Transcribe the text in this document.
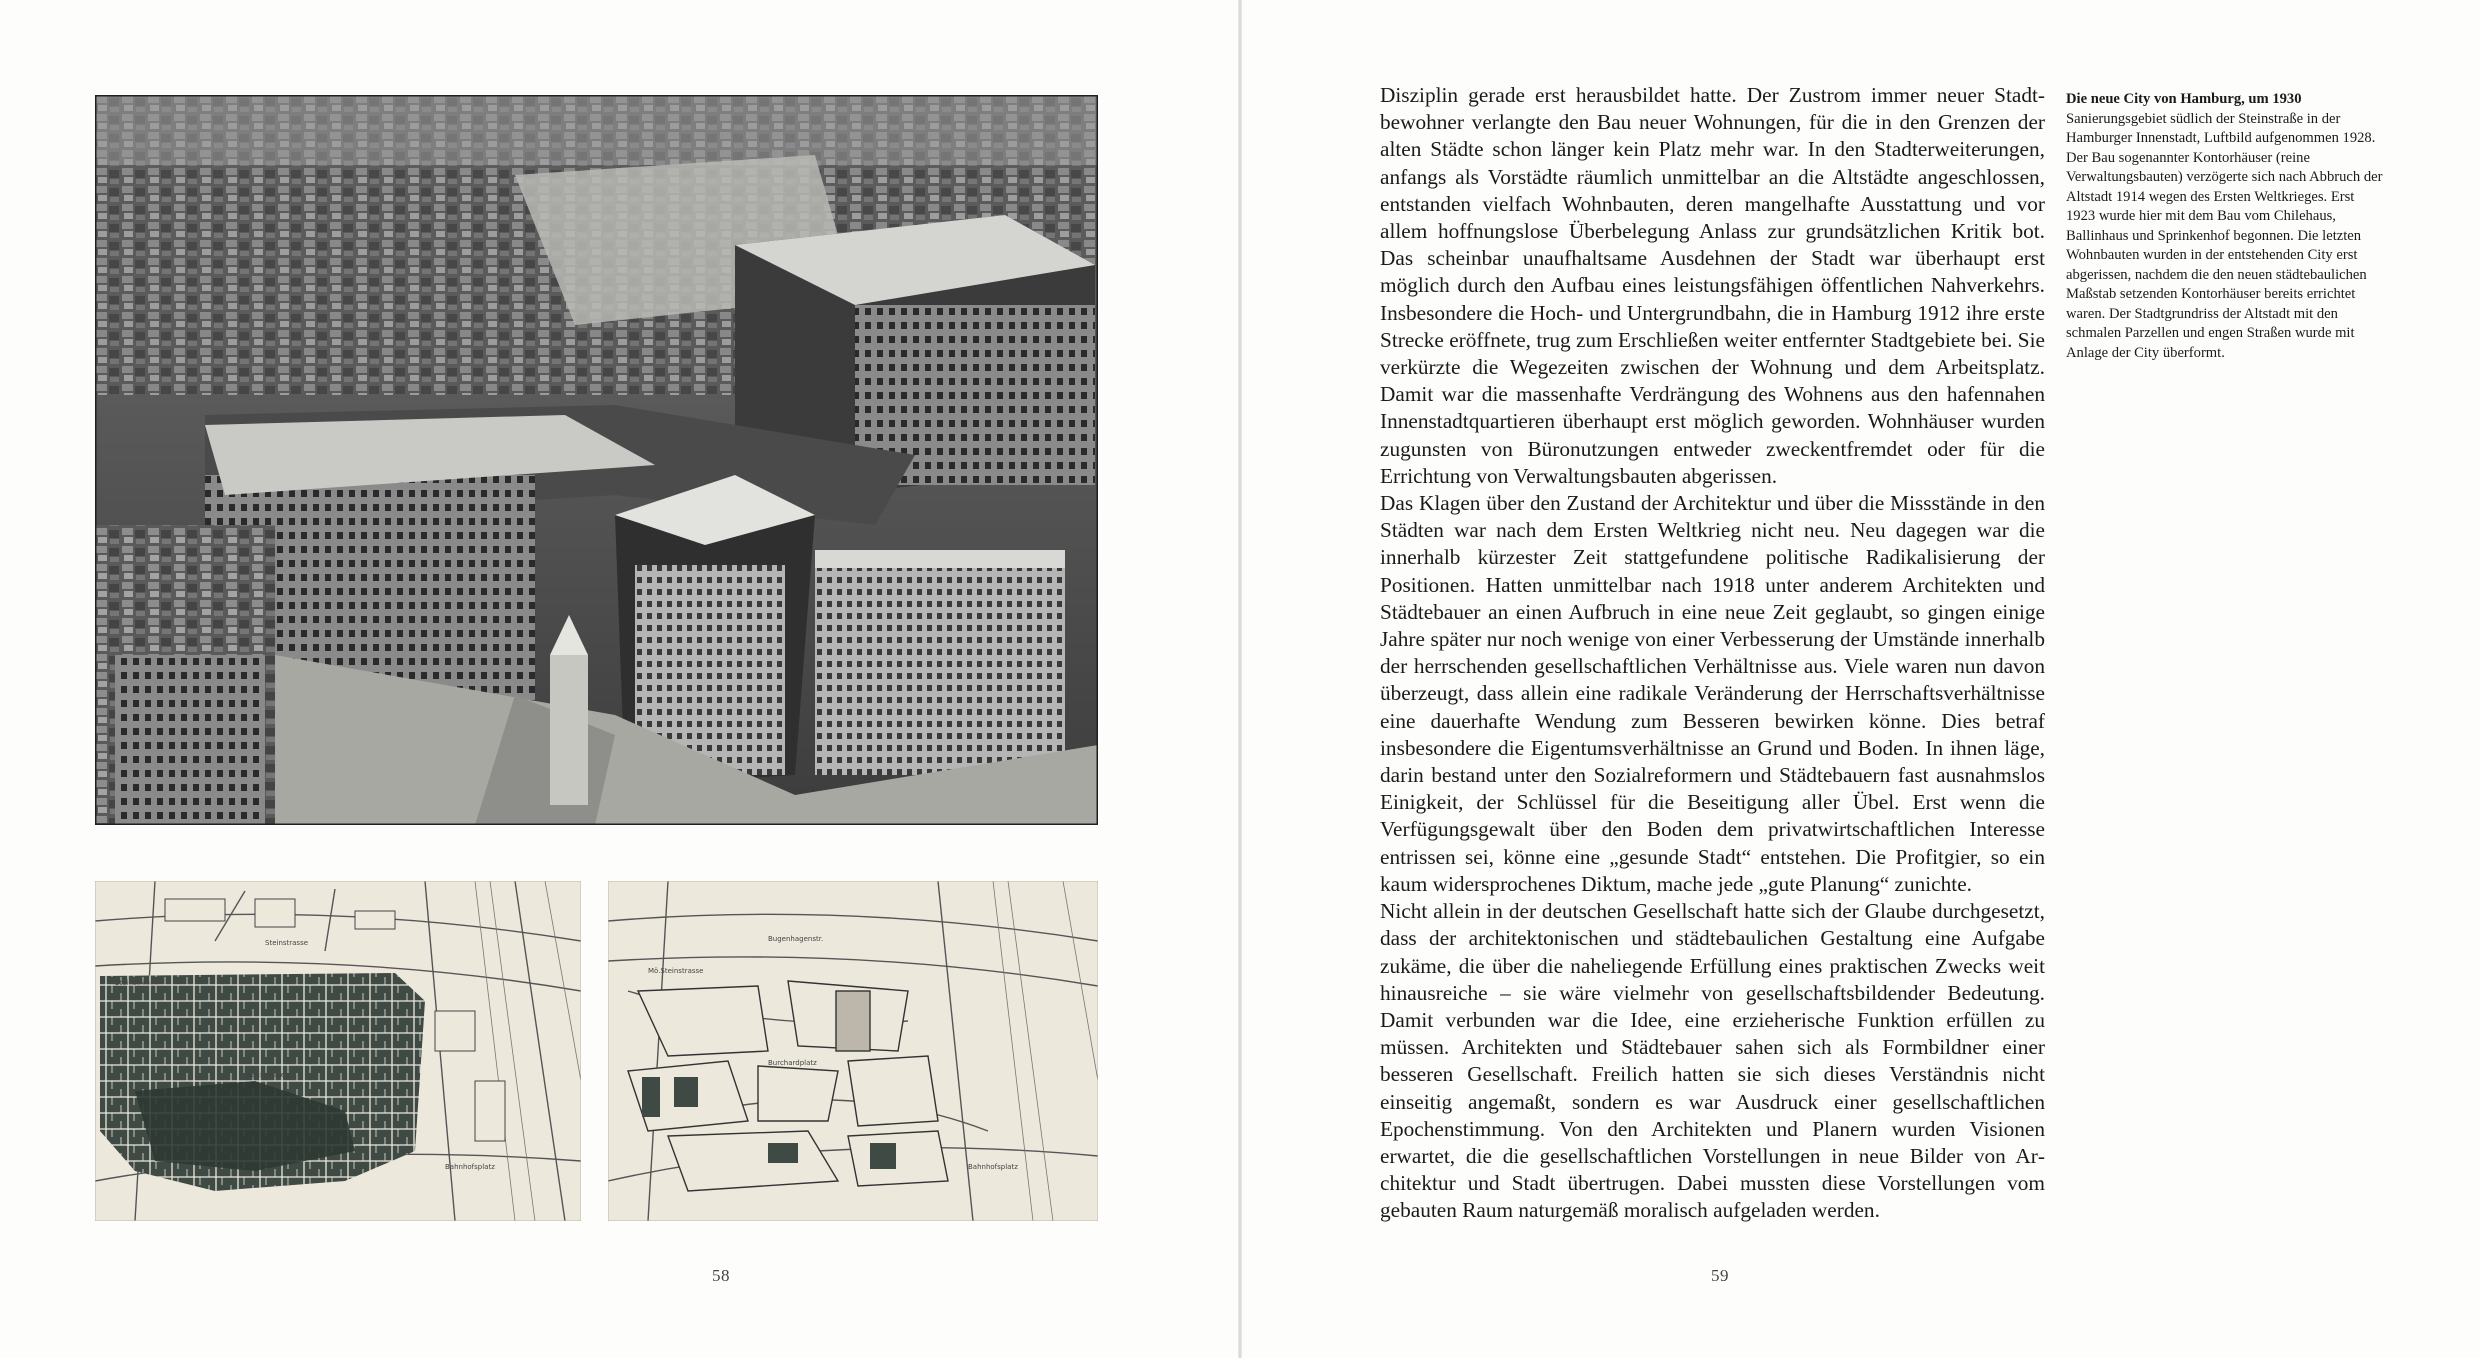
Steinstrasse
Steinstrasse
Wexstrasse
Bahnhofsplatz
Mö.Steinstrasse
Bugenhagenstr.
Burchardplatz
Bahnhofsplatz
58

Disziplin gerade erst herausbildet hatte. Der Zustrom immer neuer Stadtbewohner verlangte den Bau neuer Wohnungen, für die in den Grenzen der alten Städte schon länger kein Platz mehr war. In den Stadterweiterungen, anfangs als Vorstädte räumlich unmittelbar an die Altstädte angeschlossen, entstanden vielfach Wohnbauten, deren mangelhafte Ausstattung und vor allem hoffnungslose Überbelegung Anlass zur grundsätzlichen Kritik bot. Das scheinbar unaufhaltsame Ausdehnen der Stadt war überhaupt erst möglich durch den Aufbau eines leistungsfähigen öffentlichen Nahverkehrs. Insbesondere die Hoch- und Untergrundbahn, die in Hamburg 1912 ihre erste Strecke eröffnete, trug zum Erschließen weiter entfernter Stadtgebiete bei. Sie verkürzte die Wegezeiten zwischen der Wohnung und dem Arbeitsplatz. Damit war die massenhafte Verdrängung des Wohnens aus den hafennahen Innenstadtquartieren überhaupt erst möglich geworden. Wohnhäuser wurden zugunsten von Büronutzungen entweder zweckentfremdet oder für die Errichtung von Verwaltungsbauten abgerissen.

Das Klagen über den Zustand der Architektur und über die Missstände in den Städten war nach dem Ersten Weltkrieg nicht neu. Neu dagegen war die innerhalb kürzester Zeit stattgefundene politische Radikalisierung der Positionen. Hatten unmittelbar nach 1918 unter anderem Architekten und Städtebauer an einen Aufbruch in eine neue Zeit geglaubt, so gingen einige Jahre später nur noch wenige von einer Verbesserung der Umstände innerhalb der herrschenden gesellschaftlichen Verhältnisse aus. Viele waren nun davon überzeugt, dass allein eine radikale Veränderung der Herrschaftsverhältnisse eine dauerhafte Wendung zum Besseren bewirken könne. Dies betraf insbesondere die Eigentumsverhältnisse an Grund und Boden. In ihnen läge, darin bestand unter den Sozialreformern und Städtebauern fast ausnahmslos Einigkeit, der Schlüssel für die Beseitigung aller Übel. Erst wenn die Verfügungsgewalt über den Boden dem privatwirtschaftlichen Interesse entrissen sei, könne eine „gesunde Stadt“ entstehen. Die Profitgier, so ein kaum widersprochenes Diktum, mache jede „gute Planung“ zunichte.

Nicht allein in der deutschen Gesellschaft hatte sich der Glaube durchgesetzt, dass der architektonischen und städtebaulichen Gestaltung eine Aufgabe zukäme, die über die naheliegende Erfüllung eines praktischen Zwecks weit hinausreiche – sie wäre vielmehr von gesellschaftsbildender Bedeutung. Damit verbunden war die Idee, eine erzieherische Funktion erfüllen zu müssen. Architekten und Städtebauer sahen sich als Formbildner einer besseren Gesellschaft. Freilich hatten sie sich dieses Verständnis nicht einseitig angemaßt, sondern es war Ausdruck einer gesellschaftlichen Epochenstimmung. Von den Architekten und Planern wurden Visionen erwartet, die die gesellschaftlichen Vorstellungen in neue Bilder von Architektur und Stadt übertrugen. Dabei mussten diese Vorstellungen vom gebauten Raum naturgemäß moralisch aufgeladen werden.

Die neue City von Hamburg, um 1930
Sanierungsgebiet südlich der Steinstraße in der Hamburger Innenstadt, Luftbild aufgenommen 1928. Der Bau sogenannter Kontorhäuser (reine Verwaltungsbauten) verzögerte sich nach Abbruch der Altstadt 1914 wegen des Ersten Weltkrieges. Erst 1923 wurde hier mit dem Bau vom Chilehaus, Ballinhaus und Sprinkenhof begonnen. Die letzten Wohnbauten wurden in der entstehenden City erst abgerissen, nachdem die den neuen städtebaulichen Maßstab setzenden Kontorhäuser bereits errichtet waren. Der Stadtgrundriss der Altstadt mit den schmalen Parzellen und engen Straßen wurde mit Anlage der City überformt.
59
